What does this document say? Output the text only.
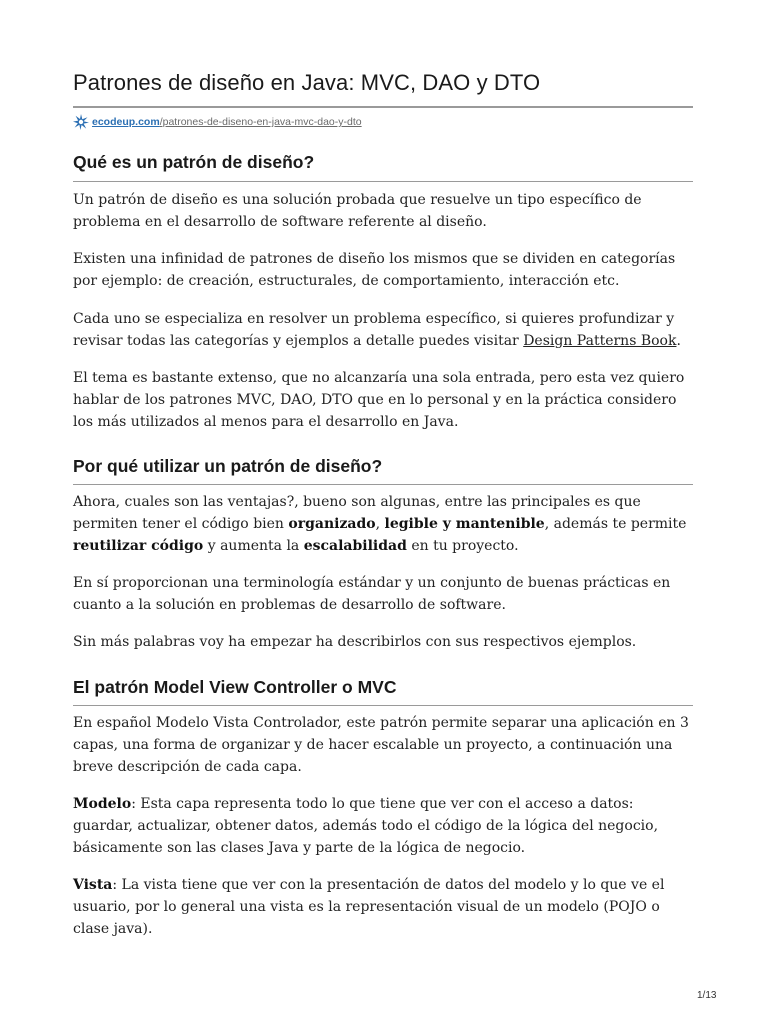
Patrones de diseño en Java: MVC, DAO y DTO
ecodeup.com /patrones-de-diseno-en-java-mvc-dao-y-dto
Qué es un patrón de diseño?

Un patrón de diseño es una solución probada que resuelve un tipo específico de problema en el desarrollo de software referente al diseño.

Existen una infinidad de patrones de diseño los mismos que se dividen en categorías por ejemplo: de creación, estructurales, de comportamiento, interacción etc.

Cada uno se especializa en resolver un problema específico, si quieres profundizar y revisar todas las categorías y ejemplos a detalle puedes visitar Design Patterns Book.

El tema es bastante extenso, que no alcanzaría una sola entrada, pero esta vez quiero hablar de los patrones MVC, DAO, DTO que en lo personal y en la práctica considero los más utilizados al menos para el desarrollo en Java.

Por qué utilizar un patrón de diseño?

Ahora, cuales son las ventajas?, bueno son algunas, entre las principales es que permiten tener el código bien organizado, legible y mantenible, además te permite reutilizar código y aumenta la escalabilidad en tu proyecto.

En sí proporcionan una terminología estándar y un conjunto de buenas prácticas en cuanto a la solución en problemas de desarrollo de software.

Sin más palabras voy ha empezar ha describirlos con sus respectivos ejemplos.

El patrón Model View Controller o MVC

En español Modelo Vista Controlador, este patrón permite separar una aplicación en 3 capas, una forma de organizar y de hacer escalable un proyecto, a continuación una breve descripción de cada capa.

Modelo: Esta capa representa todo lo que tiene que ver con el acceso a datos: guardar, actualizar, obtener datos, además todo el código de la lógica del negocio, básicamente son las clases Java y parte de la lógica de negocio.

Vista: La vista tiene que ver con la presentación de datos del modelo y lo que ve el usuario, por lo general una vista es la representación visual de un modelo (POJO o clase java).

1/13
